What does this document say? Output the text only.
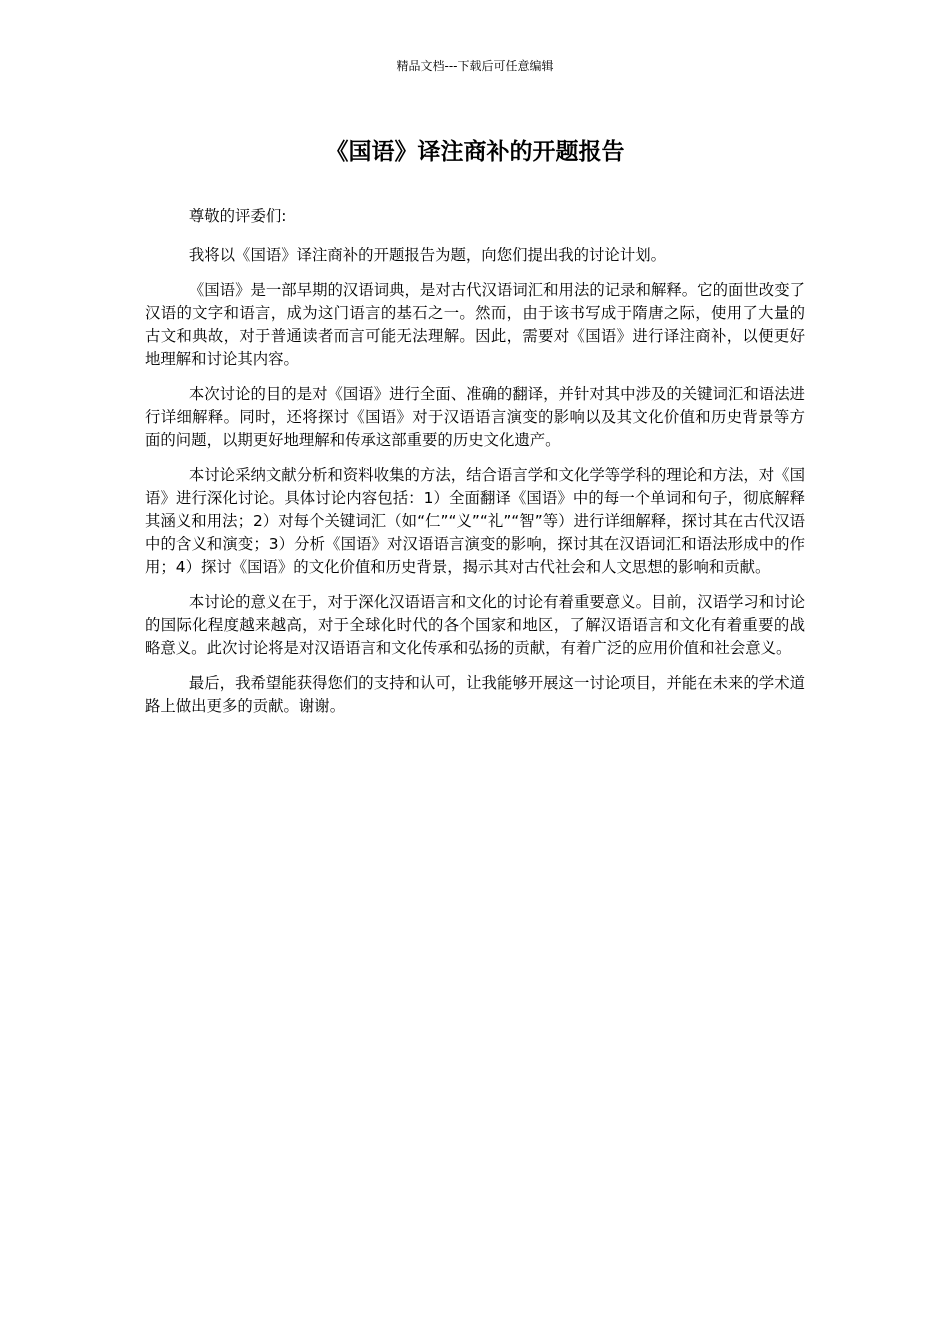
精品文档---下载后可任意编辑
《国语》译注商补的开题报告

尊敬的评委们:

我将以《国语》译注商补的开题报告为题，向您们提出我的讨论计划。

《国语》是一部早期的汉语词典，是对古代汉语词汇和用法的记录和解释。它的面世改变了汉语的文字和语言，成为这门语言的基石之一。然而，由于该书写成于隋唐之际，使用了大量的古文和典故，对于普通读者而言可能无法理解。因此，需要对《国语》进行译注商补，以便更好地理解和讨论其内容。

本次讨论的目的是对《国语》进行全面、准确的翻译，并针对其中涉及的关键词汇和语法进行详细解释。同时，还将探讨《国语》对于汉语语言演变的影响以及其文化价值和历史背景等方面的问题，以期更好地理解和传承这部重要的历史文化遗产。

本讨论采纳文献分析和资料收集的方法，结合语言学和文化学等学科的理论和方法，对《国语》进行深化讨论。具体讨论内容包括：1）全面翻译《国语》中的每一个单词和句子，彻底解释其涵义和用法；2）对每个关键词汇（如“仁”“义”“礼”“智”等）进行详细解释，探讨其在古代汉语中的含义和演变；3）分析《国语》对汉语语言演变的影响，探讨其在汉语词汇和语法形成中的作用；4）探讨《国语》的文化价值和历史背景，揭示其对古代社会和人文思想的影响和贡献。

本讨论的意义在于，对于深化汉语语言和文化的讨论有着重要意义。目前，汉语学习和讨论的国际化程度越来越高，对于全球化时代的各个国家和地区，了解汉语语言和文化有着重要的战略意义。此次讨论将是对汉语语言和文化传承和弘扬的贡献，有着广泛的应用价值和社会意义。

最后，我希望能获得您们的支持和认可，让我能够开展这一讨论项目，并能在未来的学术道路上做出更多的贡献。谢谢。
